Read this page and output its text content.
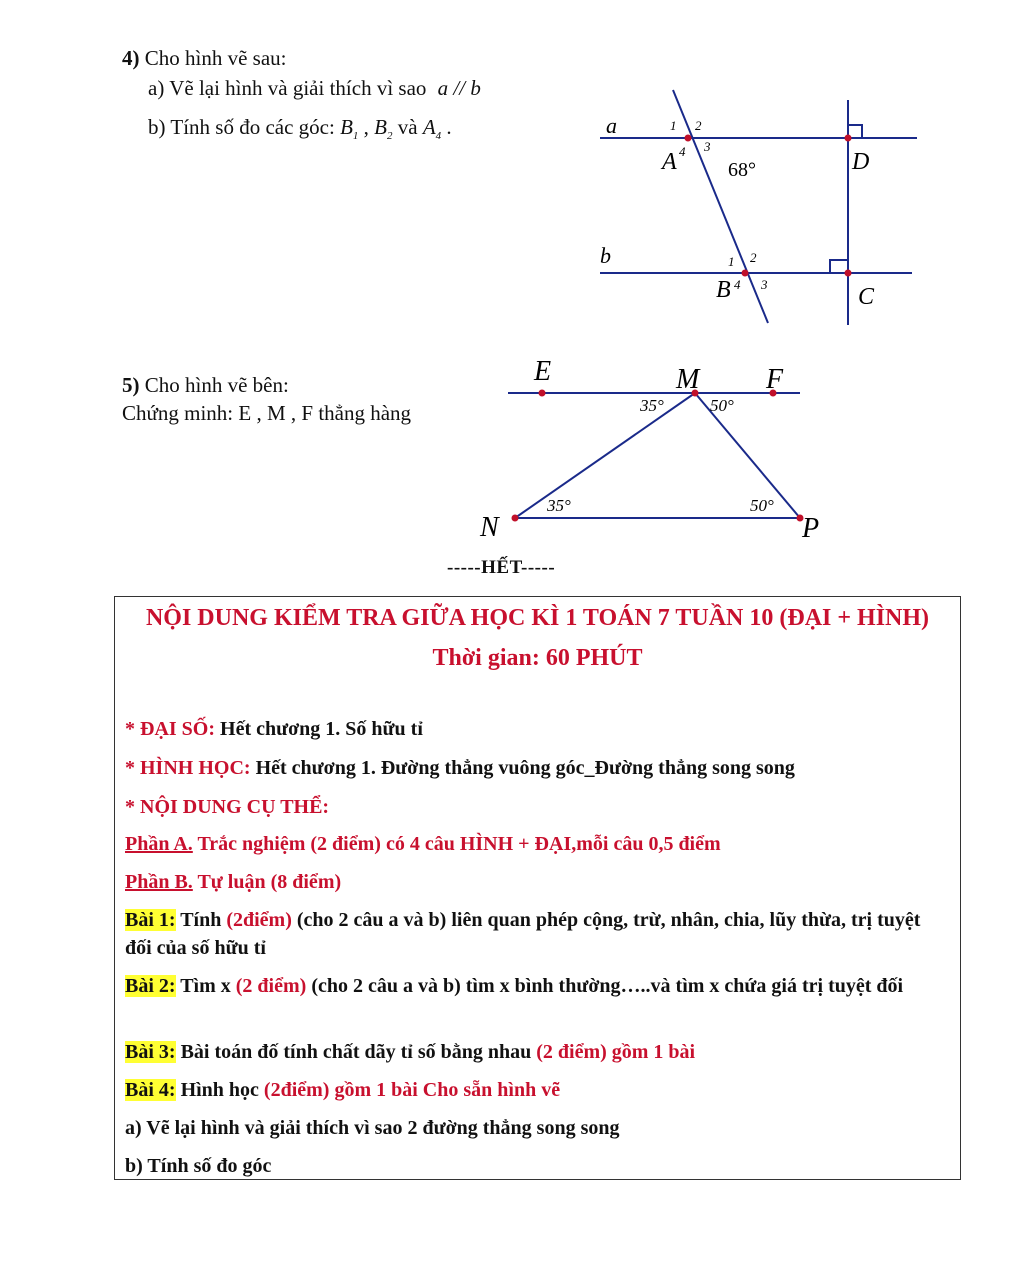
4) Cho hình vẽ sau:
a) Vẽ lại hình và giải thích vì sao a // b
b) Tính số đo các góc: $B_1$ , $B_2$ và $A_4$ .	a
b
A
B
D
C
68°
1 2
3
4
1 2
3
4
5) Cho hình vẽ bên:
Chứng minh: E , M , F thẳng hàng
E	M F
N	P
35°	50°
35°	50°
-----HẾT-----
NỘI DUNG KIỂM TRA GIỮA HỌC KÌ 1 TOÁN 7 TUẦN 10 (ĐẠI + HÌNH)
Thời gian: 60 PHÚT
* ĐẠI SỐ: Hết chương 1. Số hữu tỉ
* HÌNH HỌC: Hết chương 1. Đường thẳng vuông góc_Đường thẳng song song
* NỘI DUNG CỤ THỂ:
Phần A. Trắc nghiệm (2 điểm) có 4 câu HÌNH + ĐẠI,mỗi câu 0,5 điểm
Phần B. Tự luận (8 điểm)
Bài 1: Tính (2điểm) (cho 2 câu a và b) liên quan phép cộng, trừ, nhân, chia, lũy thừa, trị tuyệt đối của số hữu tỉ
Bài 2: Tìm x (2 điểm) (cho 2 câu a và b) tìm x bình thường…..và tìm x chứa giá trị tuyệt đối
Bài 3: Bài toán đố tính chất dãy tỉ số bằng nhau (2 điểm) gồm 1 bài
Bài 4: Hình học (2điểm) gồm 1 bài Cho sẵn hình vẽ
a) Vẽ lại hình và giải thích vì sao 2 đường thẳng song song
b) Tính số đo góc
